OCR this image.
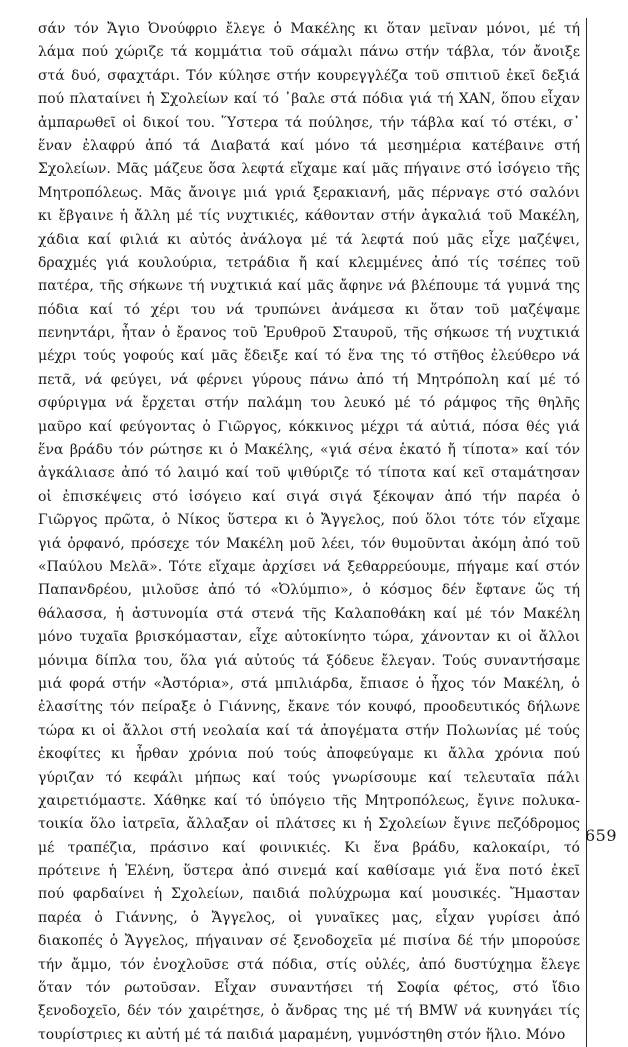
σάν τόν Ἄγιο Ὀνούφριο ἔλεγε ὁ Μακέλης κι ὅταν μεῖναν μόνοι, μέ τή
λάμα πού χώριζε τά κομμάτια τοῦ σάμαλι πάνω στήν τάβλα, τόν ἄνοιξε
στά δυό, σφαχτάρι. Τόν κύλησε στήν κουρεγγλέζα τοῦ σπιτιοῦ ἐκεῖ δεξιά
πού πλαταίνει ἡ Σχολείων καί τό ᾽βαλε στά πόδια γιά τή ΧΑΝ, ὅπου εἶχαν
ἀμπαρωθεῖ οἱ δικοί του. Ὕστερα τά πούλησε, τήν τάβλα καί τό στέκι, σ᾽
ἕναν ἐλαφρύ ἀπό τά Διαβατά καί μόνο τά μεσημέρια κατέβαινε στή
Σχολείων. Μᾶς μάζευε ὅσα λεφτά εἴχαμε καί μᾶς πήγαινε στό ἰσόγειο τῆς
Μητροπόλεως. Μᾶς ἄνοιγε μιά γριά ξερακιανή, μᾶς πέρναγε στό σαλόνι
κι ἔβγαινε ἡ ἄλλη μέ τίς νυχτικιές, κάθονταν στήν ἀγκαλιά τοῦ Μακέλη,
χάδια καί φιλιά κι αὐτός ἀνάλογα μέ τά λεφτά πού μᾶς εἶχε μαζέψει,
δραχμές γιά κουλούρια, τετράδια ἤ καί κλεμμένες ἀπό τίς τσέπες τοῦ
πατέρα, τῆς σήκωνε τή νυχτικιά καί μᾶς ἄφηνε νά βλέπουμε τά γυμνά της
πόδια καί τό χέρι του νά τρυπώνει ἀνάμεσα κι ὅταν τοῦ μαζέψαμε
πενηντάρι, ἦταν ὁ ἔρανος τοῦ Ἐρυθροῦ Σταυροῦ, τῆς σήκωσε τή νυχτικιά
μέχρι τούς γοφούς καί μᾶς ἔδειξε καί τό ἕνα της τό στῆθος ἐλεύθερο νά
πετᾶ, νά φεύγει, νά φέρνει γύρους πάνω ἀπό τή Μητρόπολη καί μέ τό
σφύριγμα νά ἔρχεται στήν παλάμη του λευκό μέ τό ράμφος τῆς θηλῆς
μαῦρο καί φεύγοντας ὁ Γιῶργος, κόκκινος μέχρι τά αὐτιά, πόσα θές γιά
ἕνα βράδυ τόν ρώτησε κι ὁ Μακέλης, «γιά σένα ἑκατό ἤ τίποτα» καί τόν
ἀγκάλιασε ἀπό τό λαιμό καί τοῦ ψιθύριζε τό τίποτα καί κεῖ σταμάτησαν
οἱ ἐπισκέψεις στό ἰσόγειο καί σιγά σιγά ξέκοψαν ἀπό τήν παρέα ὁ
Γιῶργος πρῶτα, ὁ Νίκος ὕστερα κι ὁ Ἄγγελος, πού ὅλοι τότε τόν εἴχαμε
γιά ὀρφανό, πρόσεχε τόν Μακέλη μοῦ λέει, τόν θυμοῦνται ἀκόμη ἀπό τοῦ
«Παύλου Μελᾶ». Τότε εἴχαμε ἀρχίσει νά ξεθαρρεύουμε, πήγαμε καί στόν
Παπανδρέου, μιλοῦσε ἀπό τό «Ὀλύμπιο», ὁ κόσμος δέν ἔφτανε ὥς τή
θάλασσα, ἡ ἀστυνομία στά στενά τῆς Καλαποθάκη καί μέ τόν Μακέλη
μόνο τυχαῖα βρισκόμασταν, εἶχε αὐτοκίνητο τώρα, χάνονταν κι οἱ ἄλλοι
μόνιμα δίπλα του, ὅλα γιά αὐτούς τά ξόδευε ἔλεγαν. Τούς συναντήσαμε
μιά φορά στήν «Ἀστόρια», στά μπιλιάρδα, ἔπιασε ὁ ἦχος τόν Μακέλη, ὁ
ἐλασίτης τόν πείραξε ὁ Γιάννης, ἔκανε τόν κουφό, προοδευτικός δήλωνε
τώρα κι οἱ ἄλλοι στή νεολαία καί τά ἀπογέματα στήν Πολωνίας μέ τούς
ἐκοφίτες κι ἦρθαν χρόνια πού τούς ἀποφεύγαμε κι ἄλλα χρόνια πού
γύριζαν τό κεφάλι μήπως καί τούς γνωρίσουμε καί τελευταῖα πάλι
χαιρετιόμαστε. Χάθηκε καί τό ὑπόγειο τῆς Μητροπόλεως, ἔγινε πολυκα-
τοικία ὅλο ἰατρεῖα, ἄλλαξαν οἱ πλάτσες κι ἡ Σχολείων ἔγινε πεζόδρομος
μέ τραπέζια, πράσινο καί φοινικιές. Κι ἕνα βράδυ, καλοκαίρι, τό
πρότεινε ἡ Ἑλένη, ὕστερα ἀπό σινεμά καί καθίσαμε γιά ἕνα ποτό ἐκεῖ
πού φαρδαίνει ἡ Σχολείων, παιδιά πολύχρωμα καί μουσικές. Ἤμασταν
παρέα ὁ Γιάννης, ὁ Ἄγγελος, οἱ γυναῖκες μας, εἶχαν γυρίσει ἀπό
διακοπές ὁ Ἄγγελος, πήγαιναν σέ ξενοδοχεῖα μέ πισίνα δέ τήν μπορούσε
τήν ἄμμο, τόν ἐνοχλοῦσε στά πόδια, στίς οὐλές, ἀπό δυστύχημα ἔλεγε
ὅταν τόν ρωτοῦσαν. Εἶχαν συναντήσει τή Σοφία φέτος, στό ἴδιο
ξενοδοχεῖο, δέν τόν χαιρέτησε, ὁ ἄνδρας της μέ τή BMW νά κυνηγάει τίς
τουρίστριες κι αὐτή μέ τά παιδιά μαραμένη, γυμνόστηθη στόν ἥλιο. Μόνο
659
